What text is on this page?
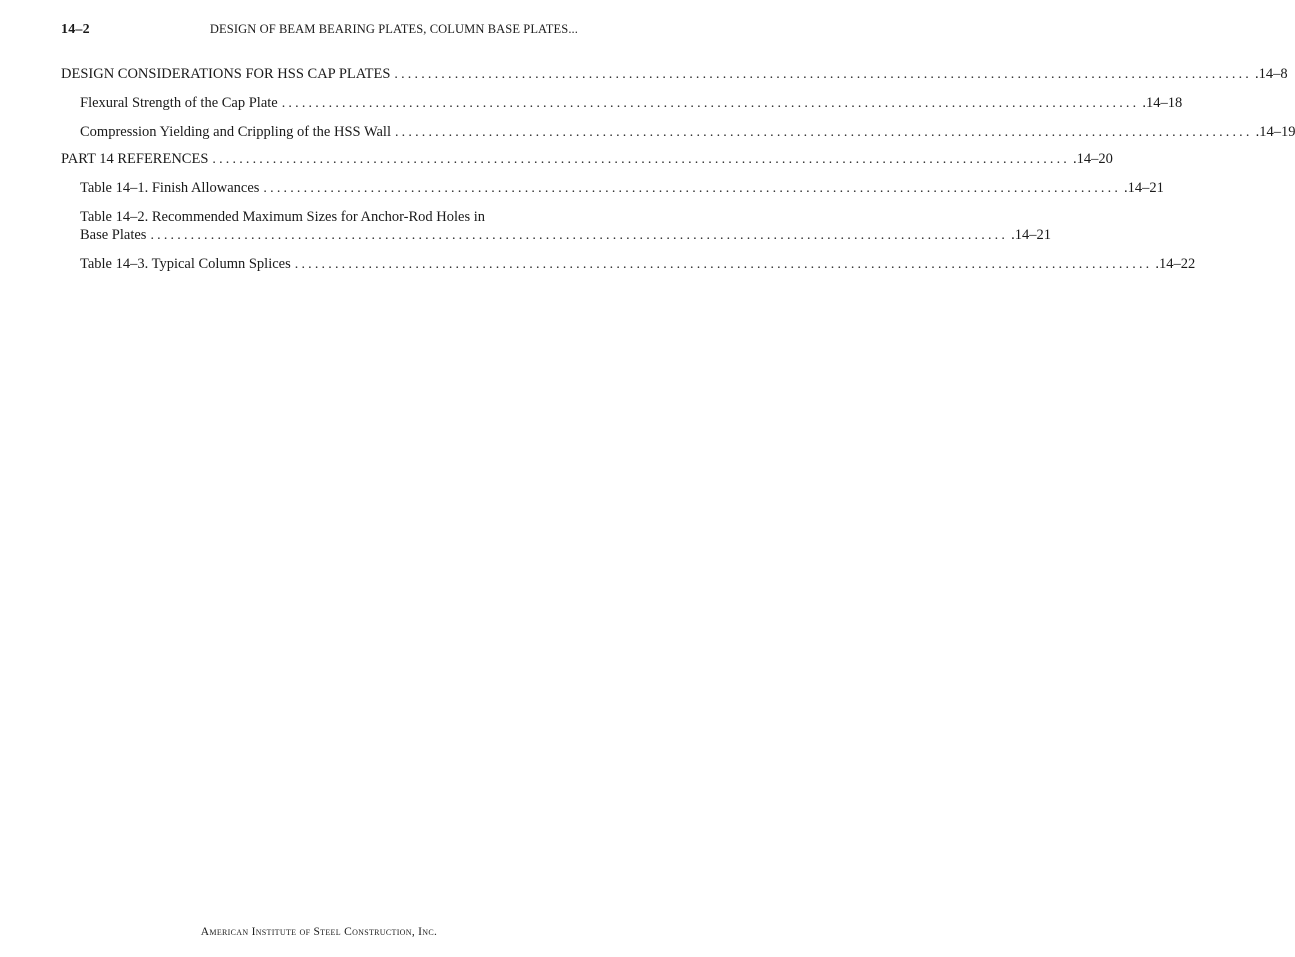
14–2	DESIGN OF BEAM BEARING PLATES, COLUMN BASE PLATES...
DESIGN CONSIDERATIONS FOR HSS CAP PLATES ................................................................................................................................ .14–8
Flexural Strength of the Cap Plate ................................................................................................................................ .14–18
Compression Yielding and Crippling of the HSS Wall ................................................................................................................................ .14–19
PART 14 REFERENCES ................................................................................................................................ .14–20
Table 14–1. Finish Allowances ................................................................................................................................ .14–21
Table 14–2. Recommended Maximum Sizes for Anchor-Rod Holes in
Base Plates ................................................................................................................................ .14–21
Table 14–3. Typical Column Splices ................................................................................................................................ .14–22
American Institute of Steel Construction, Inc.
